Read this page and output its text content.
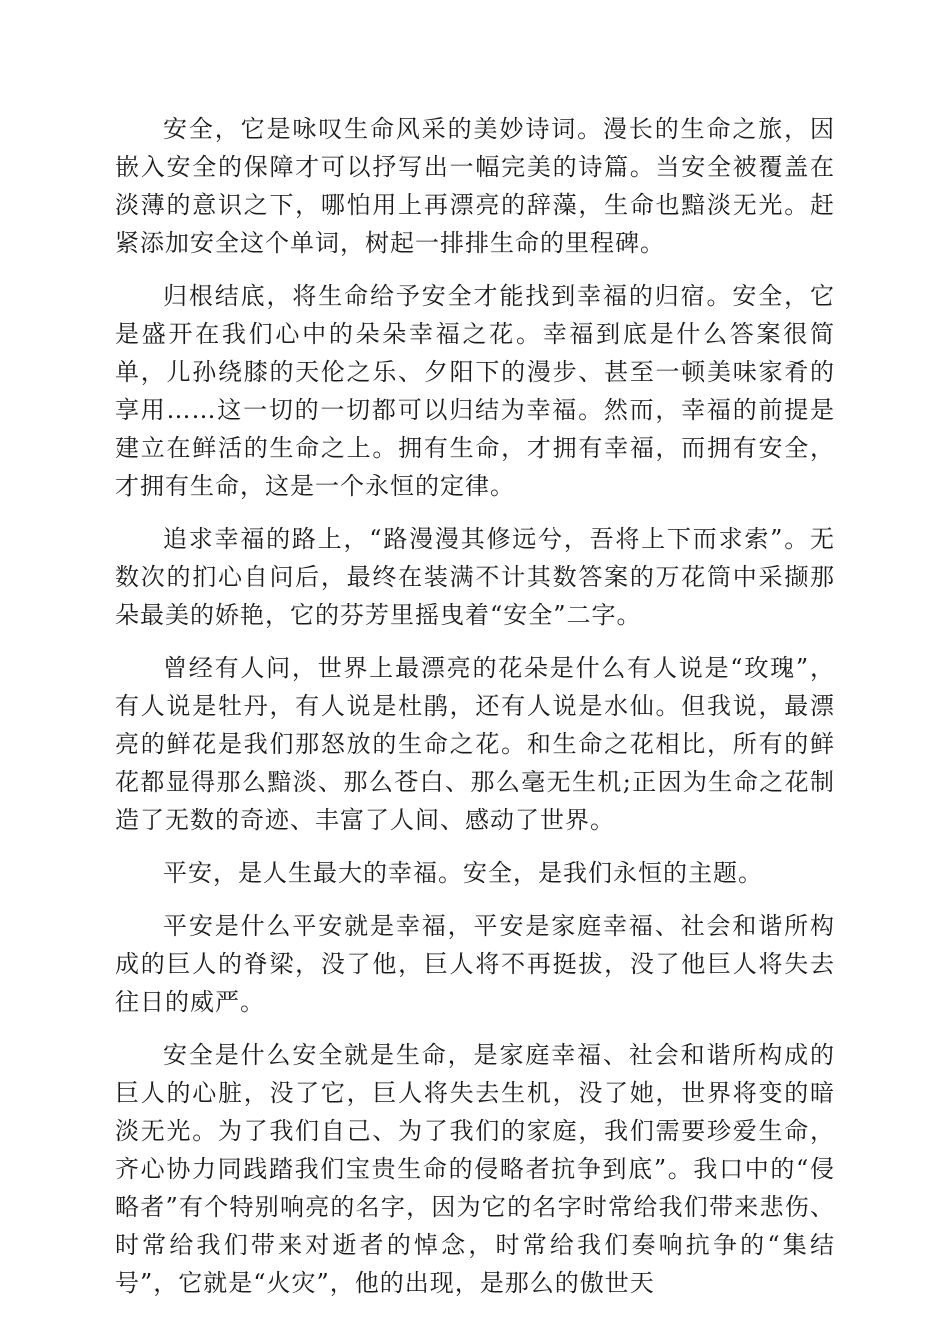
安全，它是咏叹生命风采的美妙诗词。漫长的生命之旅，因嵌入安全的保障才可以抒写出一幅完美的诗篇。当安全被覆盖在淡薄的意识之下，哪怕用上再漂亮的辞藻，生命也黯淡无光。赶紧添加安全这个单词，树起一排排生命的里程碑。

归根结底，将生命给予安全才能找到幸福的归宿。安全，它是盛开在我们心中的朵朵幸福之花。幸福到底是什么答案很简单，儿孙绕膝的天伦之乐、夕阳下的漫步、甚至一顿美味家肴的享用……这一切的一切都可以归结为幸福。然而，幸福的前提是建立在鲜活的生命之上。拥有生命，才拥有幸福，而拥有安全，才拥有生命，这是一个永恒的定律。

追求幸福的路上，“路漫漫其修远兮，吾将上下而求索”。无数次的扪心自问后，最终在装满不计其数答案的万花筒中采撷那朵最美的娇艳，它的芬芳里摇曳着“安全”二字。

曾经有人问，世界上最漂亮的花朵是什么有人说是“玫瑰”，有人说是牡丹，有人说是杜鹃，还有人说是水仙。但我说，最漂亮的鲜花是我们那怒放的生命之花。和生命之花相比，所有的鲜花都显得那么黯淡、那么苍白、那么毫无生机;正因为生命之花制造了无数的奇迹、丰富了人间、感动了世界。

平安，是人生最大的幸福。安全，是我们永恒的主题。

平安是什么平安就是幸福，平安是家庭幸福、社会和谐所构成的巨人的脊梁，没了他，巨人将不再挺拔，没了他巨人将失去往日的威严。

安全是什么安全就是生命，是家庭幸福、社会和谐所构成的巨人的心脏，没了它，巨人将失去生机，没了她，世界将变的暗淡无光。为了我们自己、为了我们的家庭，我们需要珍爱生命，齐心协力同践踏我们宝贵生命的侵略者抗争到底”。我口中的“侵略者”有个特别响亮的名字，因为它的名字时常给我们带来悲伤、时常给我们带来对逝者的悼念，时常给我们奏响抗争的“集结号”，它就是“火灾”，他的出现，是那么的傲世天
